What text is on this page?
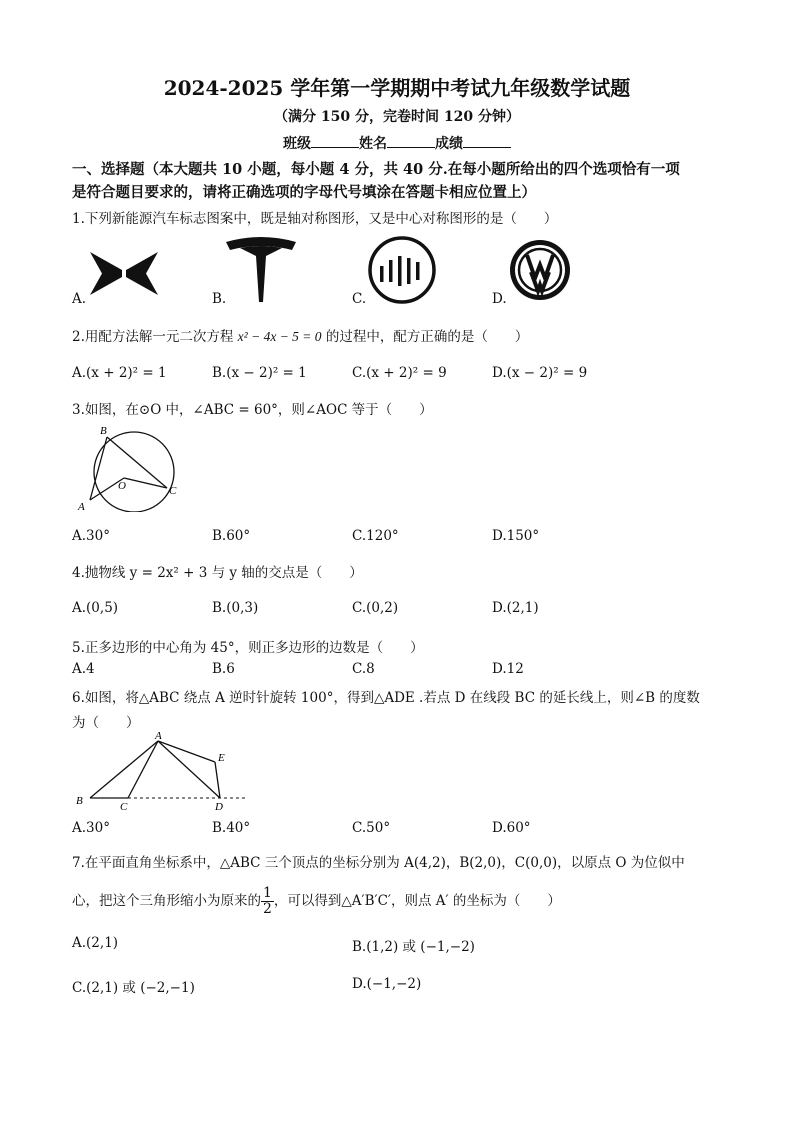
2024-2025 学年第一学期期中考试九年级数学试题
（满分 150 分，完卷时间 120 分钟）
班级	姓名	成绩
一、选择题（本大题共 10 小题，每小题 4 分，共 40 分.在每小题所给出的四个选项恰有一项
是符合题目要求的，请将正确选项的字母代号填涂在答题卡相应位置上）
1.下列新能源汽车标志图案中，既是轴对称图形，又是中心对称图形的是（　　）
A.	B.	C.	D.
2.用配方法解一元二次方程 x² − 4x − 5 = 0 的过程中，配方正确的是（　　）
A.(x + 2)² = 1	B.(x − 2)² = 1	C.(x + 2)² = 9	D.(x − 2)² = 9
3.如图，在⊙O 中，∠ABC = 60°，则∠AOC 等于（　　）
B
O
A
C
A.30°	B.60°	C.120°	D.150°
4.抛物线 y = 2x² + 3 与 y 轴的交点是（　　）
A.(0,5)	B.(0,3)	C.(0,2)	D.(2,1)
5.正多边形的中心角为 45°，则正多边形的边数是（　　）
A.4	B.6	C.8	D.12
6.如图，将△ABC 绕点 A 逆时针旋转 100°，得到△ADE .若点 D 在线段 BC 的延长线上，则∠B 的度数
为（　　）
A
E
B	C	D
A.30°	B.40°	C.50°	D.60°
7.在平面直角坐标系中，△ABC 三个顶点的坐标分别为 A(4,2)，B(2,0)，C(0,0)，以原点 O 为位似中
心，把这个三角形缩小为原来的 $\frac{1}{2}$ ，可以得到△A′B′C′，则点 A′ 的坐标为（　　）
A.(2,1)	B.(1,2) 或 (−1,−2)
C.(2,1) 或 (−2,−1)	D.(−1,−2)
